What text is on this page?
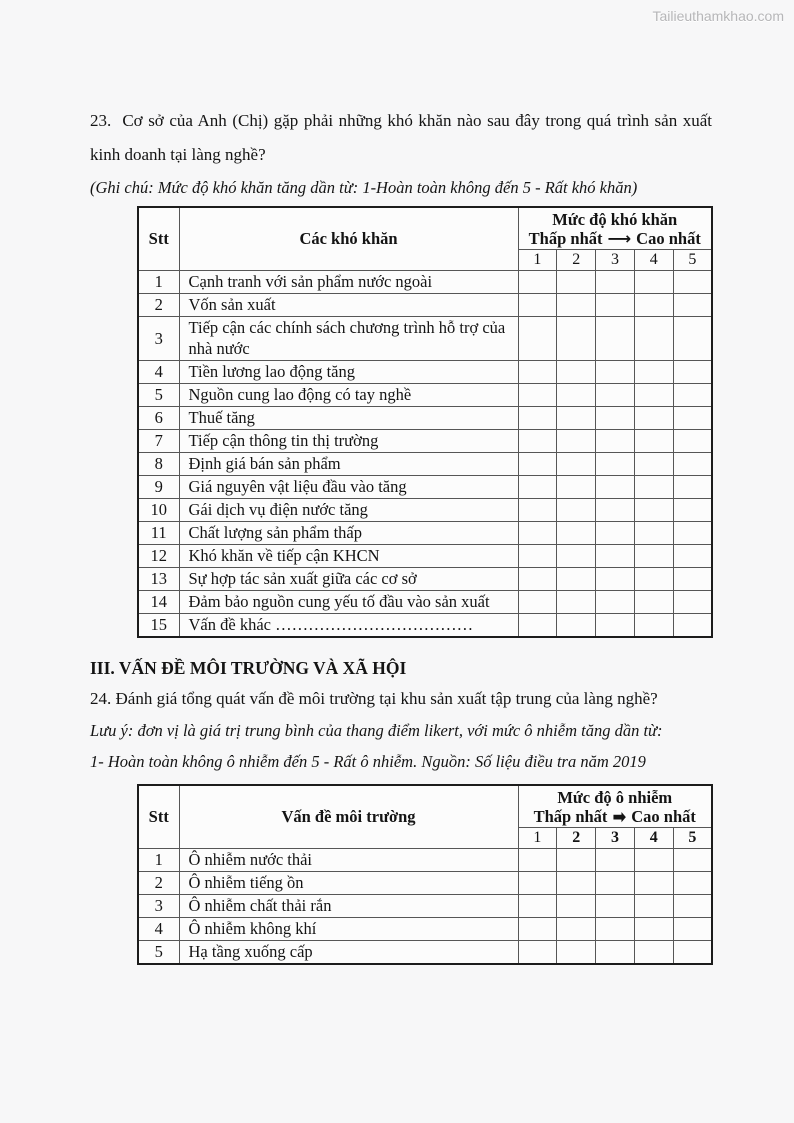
Tailieuthamkhao.com

23.  Cơ sở của Anh (Chị) gặp phải những khó khăn nào sau đây trong quá trình sản xuất kinh doanh tại làng nghề?

(Ghi chú: Mức độ khó khăn tăng dần từ: 1-Hoàn toàn không đến 5 - Rất khó khăn)

Stt	Các khó khăn	Mức độ khó khăn
Thấp nhất ⟶ Cao nhất				

		1	2	3	4	5
1	Cạnh tranh với sản phẩm nước ngoài					
2	Vốn sản xuất					
3	Tiếp cận các chính sách chương trình hỗ trợ của nhà nước					
4	Tiền lương lao động tăng					
5	Nguồn cung lao động có tay nghề					
6	Thuế tăng					
7	Tiếp cận thông tin thị trường					
8	Định giá bán sản phẩm					
9	Giá nguyên vật liệu đầu vào tăng					
10	Gái dịch vụ điện nước tăng					
11	Chất lượng sản phẩm thấp					
12	Khó khăn về tiếp cận KHCN					
13	Sự hợp tác sản xuất giữa các cơ sở					
14	Đảm bảo nguồn cung yếu tố đầu vào sản xuất					
15	Vấn đề khác ………………………………					
III. VẤN ĐỀ MÔI TRƯỜNG VÀ XÃ HỘI

24. Đánh giá tổng quát vấn đề môi trường tại khu sản xuất tập trung của làng nghề?

Lưu ý: đơn vị là giá trị trung bình của thang điểm likert, với mức ô nhiễm tăng dần từ:

1- Hoàn toàn không ô nhiễm đến 5 - Rất ô nhiễm. Nguồn: Số liệu điều tra năm 2019

Stt	Vấn đề môi trường	Mức độ ô nhiễm
Thấp nhất ➡ Cao nhất				

		1	2	3	4	5
1	Ô nhiễm nước thải					
2	Ô nhiễm tiếng ồn					
3	Ô nhiễm chất thải rắn					
4	Ô nhiễm không khí					
5	Hạ tầng xuống cấp					
